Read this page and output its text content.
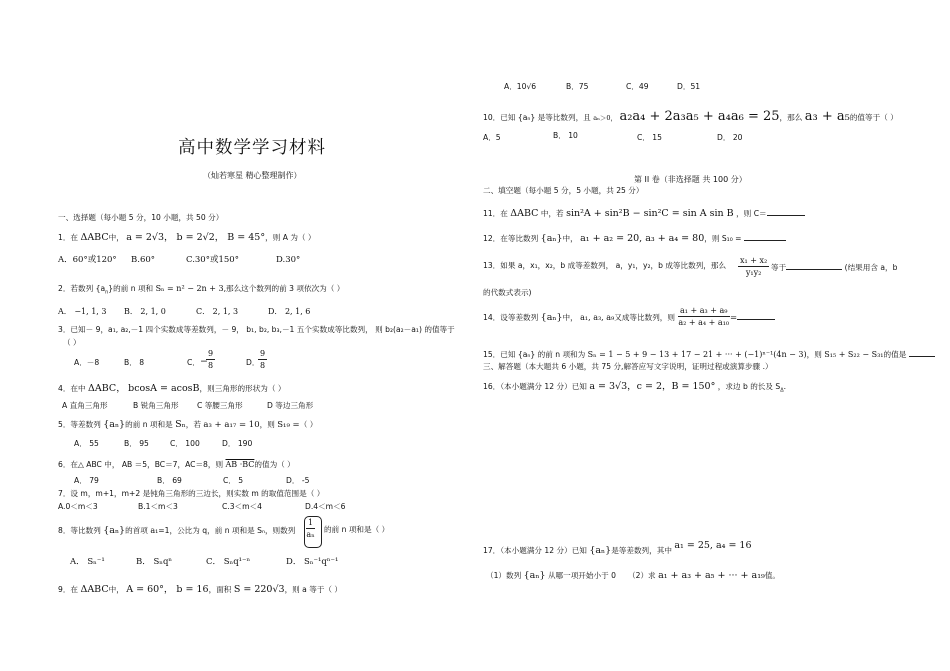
高中数学学习材料
（灿若寒星 精心整理制作）
一、选择题（每小题 5 分，10 小题，共 50 分）
1．在 ΔABC中， a = 2√3， b = 2√2， B = 45°，则 A 为（ ）
A．60°或120° B.60°	C.30°或150°	D.30°
2．若数列 $\{a_n\}$的前 n 项和 Sₙ = n² − 2n + 3,那么这个数列的前 3 项依次为（ ）
A． −1, 1, 3 B． 2, 1, 0	C． 2, 1, 3	D． 2, 1, 6
3．已知－ 9，a₁, a₂,－1 四个实数成等差数列，－ 9， b₁, b₂, b₃,－1 五个实数成等比数列， 则 b₂(a₂－a₁) 的值等于
（ ）
A．－8	B． 8	C． −
$\frac{9}{8}$	D．
$\frac{9}{8}$
4．在中 ΔABC， bcosA = acosB，则三角形的形状为（ ）
A 直角三角形	B 锐角三角形 C 等腰三角形	D 等边三角形
5．等差数列 {aₙ}的前 n 项和是 Sₙ，若 a₃ + a₁₇ = 10，则 S₁₉ =（ ）
A． 55	B． 95	C． 100	D． 190
6．在△ ABC 中， AB ＝5，BC＝7，AC＝8，则 AB ·BC的值为（ ）
A． 79	B． 69	C． 5	D． -5
7．设 m，m+1，m+2 是钝角三角形的三边长，则实数 m 的取值范围是（ ）
A.0＜m＜3	B.1＜m＜3	C.3＜m＜4	D.4＜m＜6
8．等比数列 {aₙ}的首项 a₁=1，公比为 q，前 n 项和是 Sₙ，则数列 $\frac{1}{\text{aₙ}}$ 的前 n 项和是（ ）
A． Sₙ⁻¹	B． Sₙqⁿ	C． Sₙq¹⁻ⁿ	D． Sₙ⁻¹qⁿ⁻¹
9．在 ΔABC中， A = 60°， b = 16，面积 S = 220√3，则 a 等于（ ）
A．10√6	B．75	C．49	D．51
10．已知 {aₙ} 是等比数列，且 aₙ＞0， a₂a₄ + 2a₃a₅ + a₄a₆ = 25，那么 a₃ + a₅的值等于（ ）
A．5	B． 10	C． 15	D． 20
第 II 卷（非选择题 共 100 分）
二、填空题（每小题 5 分，5 小题，共 25 分）
11．在 ΔABC 中，若 sin²A + sin²B − sin²C = sin A sin B ，则 C＝
12．在等比数列 {aₙ}中， a₁ + a₂ = 20, a₃ + a₄ = 80，则 S₁₀ =
13．如果 a，x₁，x₂，b 成等差数列， a，y₁，y₂，b 成等比数列，那么 $\frac{\text{x₁ + x₂}}{\text{y₁y₂}}$ 等于	(结果用含 a，b
的代数式表示)
14．设等差数列 {aₙ}中， a₁, a₃, a₉又成等比数列，则 $\frac{\text{a₁ + a₃ + a₉}}{\text{a₂ + a₄ + a₁₀}}$ =
15．已知 {aₙ} 的前 n 项和为 Sₙ = 1 − 5 + 9 − 13 + 17 − 21 + ··· + (−1)ⁿ⁻¹(4n − 3)，则 S₁₅ + S₂₂ − S₃₁的值是
三、解答题（本大题共 6 小题，共 75 分,解答应写文字说明，证明过程或演算步骤 .）
16．（本小题满分 12 分）已知 a = 3√3，c = 2，B = 150° ，求边 b 的长及 $S_\Delta$.
17．（本小题满分 12 分）已知 {aₙ}是等差数列，其中 a₁ = 25, a₄ = 16
（1）数列 {aₙ} 从哪一项开始小于 0 （2）求 a₁ + a₃ + a₅ + ··· + a₁₉值。
